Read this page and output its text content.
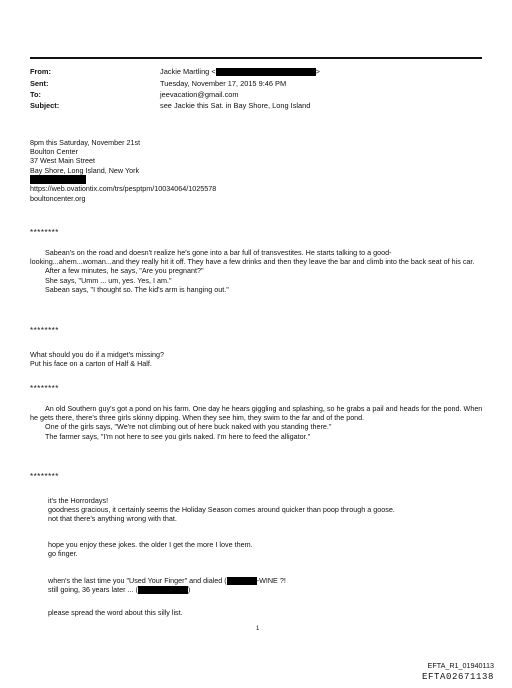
From:	Jackie Martling <	>
Sent:	Tuesday, November 17, 2015 9:46 PM
To:	jeevacation@gmail.com
Subject:	see Jackie this Sat. in Bay Shore, Long Island
8pm this Saturday, November 21st
Boulton Center
37 West Main Street
Bay Shore, Long Island, New York
https://web.ovationtix.com/trs/pesptpm/10034064/1025578
boultoncenter.org
********

Sabean's on the road and doesn't realize he's gone into a bar full of transvestites. He starts talking to a good-looking...ahem...woman...and they really hit it off. They have a few drinks and then they leave the bar and climb into the back seat of his car.

After a few minutes, he says, "Are you pregnant?"
She says, "Umm ... um, yes. Yes, I am."
Sabean says, "I thought so. The kid's arm is hanging out."
********
What should you do if a midget's missing?
Put his face on a carton of Half & Half.
********

An old Southern guy's got a pond on his farm. One day he hears giggling and splashing, so he grabs a pail and heads for the pond. When he gets there, there's three girls skinny dipping. When they see him, they swim to the far and of the pond.

One of the girls says, "We're not climbing out of here buck naked with you standing there."
The farmer says, "I'm not here to see you girls naked. I'm here to feed the alligator."
********
it's the Horrordays!
goodness gracious, it certainly seems the Holiday Season comes around quicker than poop through a goose.
not that there's anything wrong with that.
hope you enjoy these jokes. the older I get the more I love them.
go finger.
when's the last time you "Used Your Finger" and dialed (	-WINE ?!
still going, 36 years later ... (	)
please spread the word about this silly list.
1
EFTA_R1_01940113
EFTA02671138
